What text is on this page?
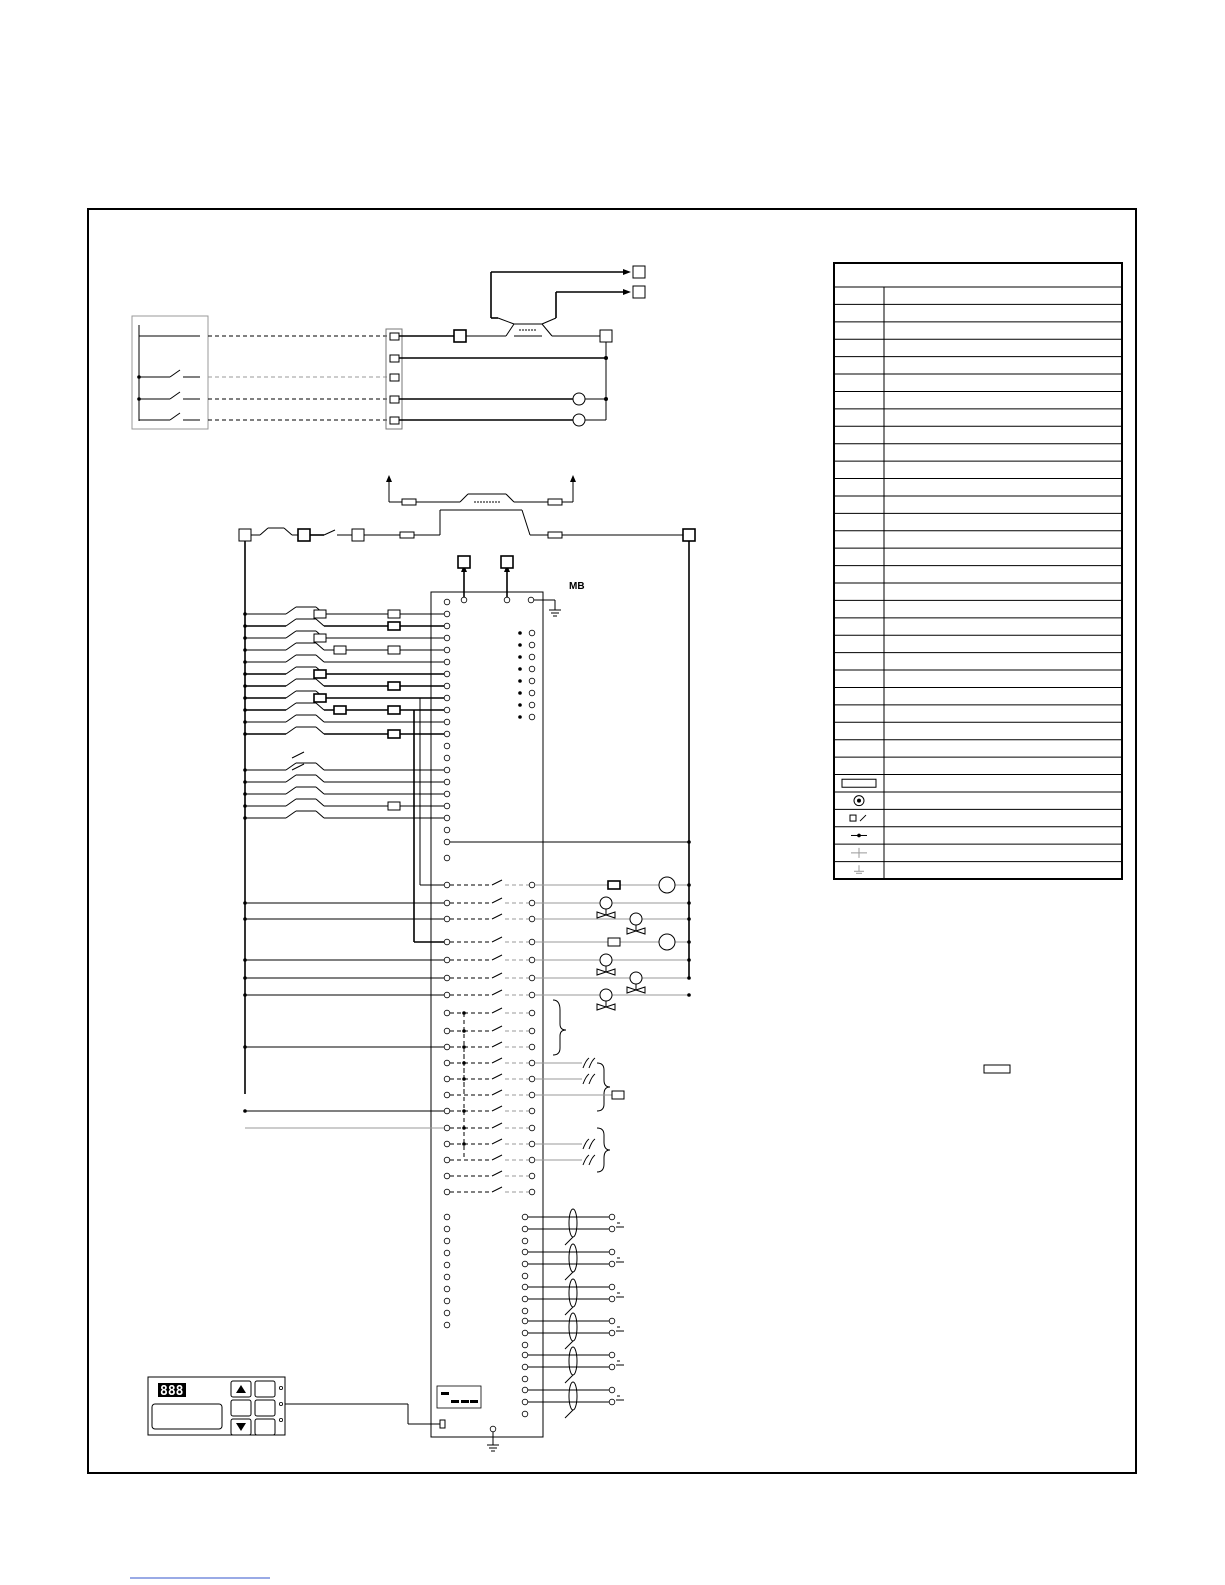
MB
888
